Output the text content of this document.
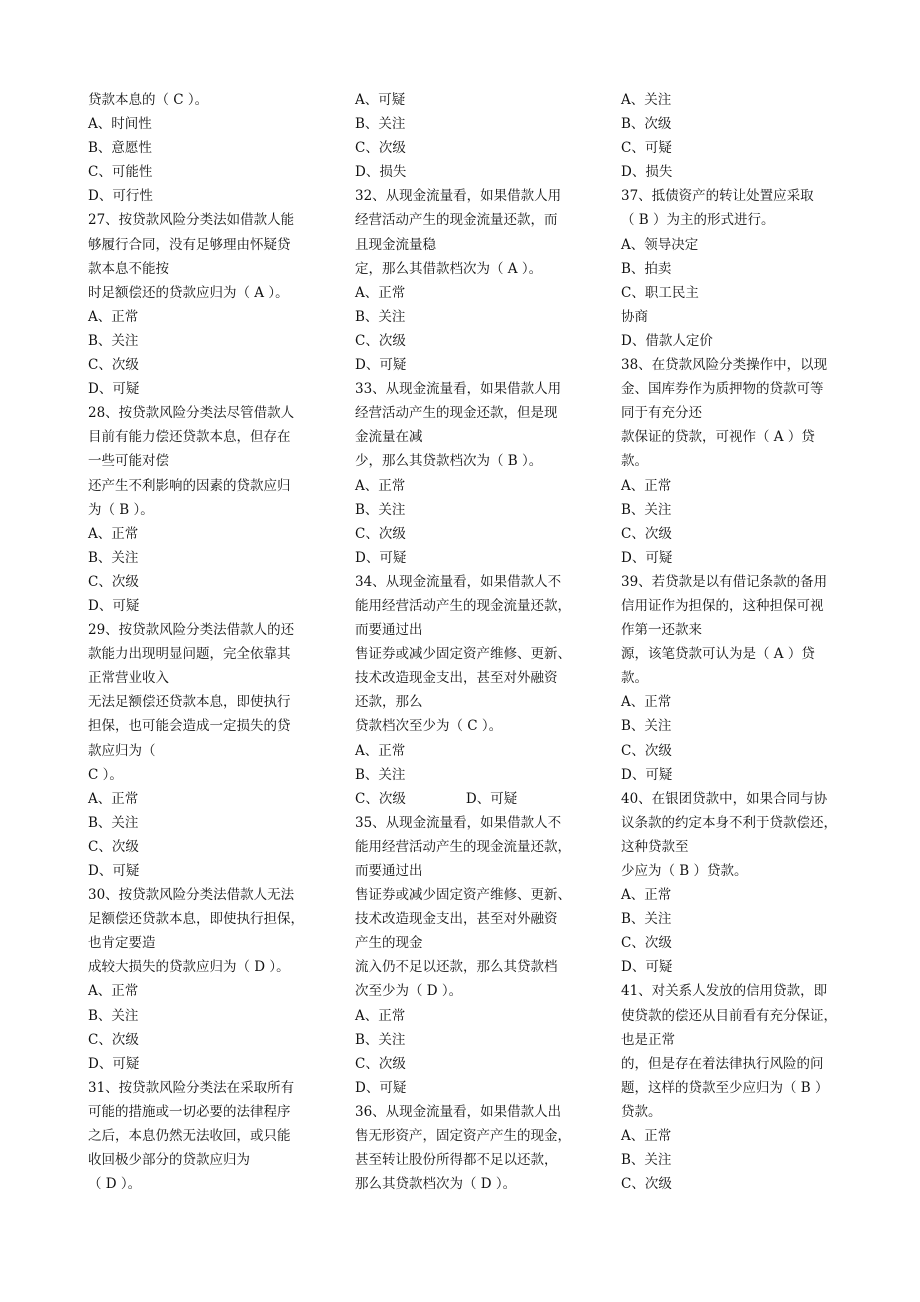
贷款本息的（ C ）。
A、时间性
B、意愿性
C、可能性
D、可行性
27、按贷款风险分类法如借款人能
够履行合同，没有足够理由怀疑贷
款本息不能按
时足额偿还的贷款应归为（ A ）。
A、正常
B、关注
C、次级
D、可疑
28、按贷款风险分类法尽管借款人
目前有能力偿还贷款本息，但存在
一些可能对偿
还产生不利影响的因素的贷款应归
为（ B ）。
A、正常
B、关注
C、次级
D、可疑
29、按贷款风险分类法借款人的还
款能力出现明显问题，完全依靠其
正常营业收入
无法足额偿还贷款本息，即使执行
担保，也可能会造成一定损失的贷
款应归为（
C ）。
A、正常
B、关注
C、次级
D、可疑
30、按贷款风险分类法借款人无法
足额偿还贷款本息，即使执行担保，
也肯定要造
成较大损失的贷款应归为（ D ）。
A、正常
B、关注
C、次级
D、可疑
31、按贷款风险分类法在采取所有
可能的措施或一切必要的法律程序
之后，本息仍然无法收回，或只能
收回极少部分的贷款应归为
（ D ）。
A、可疑
B、关注
C、次级
D、损失
32、从现金流量看，如果借款人用
经营活动产生的现金流量还款，而
且现金流量稳
定，那么其借款档次为（ A ）。
A、正常
B、关注
C、次级
D、可疑
33、从现金流量看，如果借款人用
经营活动产生的现金还款，但是现
金流量在减
少，那么其贷款档次为（ B ）。
A、正常
B、关注
C、次级
D、可疑
34、从现金流量看，如果借款人不
能用经营活动产生的现金流量还款，
而要通过出
售证券或减少固定资产维修、更新、
技术改造现金支出，甚至对外融资
还款，那么
贷款档次至少为（ C ）。
A、正常
B、关注
C、次级              D、可疑
35、从现金流量看，如果借款人不
能用经营活动产生的现金流量还款，
而要通过出
售证券或减少固定资产维修、更新、
技术改造现金支出，甚至对外融资
产生的现金
流入仍不足以还款，那么其贷款档
次至少为（ D ）。
A、正常
B、关注
C、次级
D、可疑
36、从现金流量看，如果借款人出
售无形资产，固定资产产生的现金，
甚至转让股份所得都不足以还款，
那么其贷款档次为（ D ）。
A、关注
B、次级
C、可疑
D、损失
37、抵债资产的转让处置应采取
（ B ）为主的形式进行。
A、领导决定
B、拍卖
C、职工民主
协商
D、借款人定价
38、在贷款风险分类操作中，以现
金、国库券作为质押物的贷款可等
同于有充分还
款保证的贷款，可视作（ A ）贷
款。
A、正常
B、关注
C、次级
D、可疑
39、若贷款是以有借记条款的备用
信用证作为担保的，这种担保可视
作第一还款来
源，该笔贷款可认为是（ A ）贷
款。
A、正常
B、关注
C、次级
D、可疑
40、在银团贷款中，如果合同与协
议条款的约定本身不利于贷款偿还，
这种贷款至
少应为（ B ）贷款。
A、正常
B、关注
C、次级
D、可疑
41、对关系人发放的信用贷款，即
使贷款的偿还从目前看有充分保证，
也是正常
的，但是存在着法律执行风险的问
题，这样的贷款至少应归为（ B ）
贷款。
A、正常
B、关注
C、次级
